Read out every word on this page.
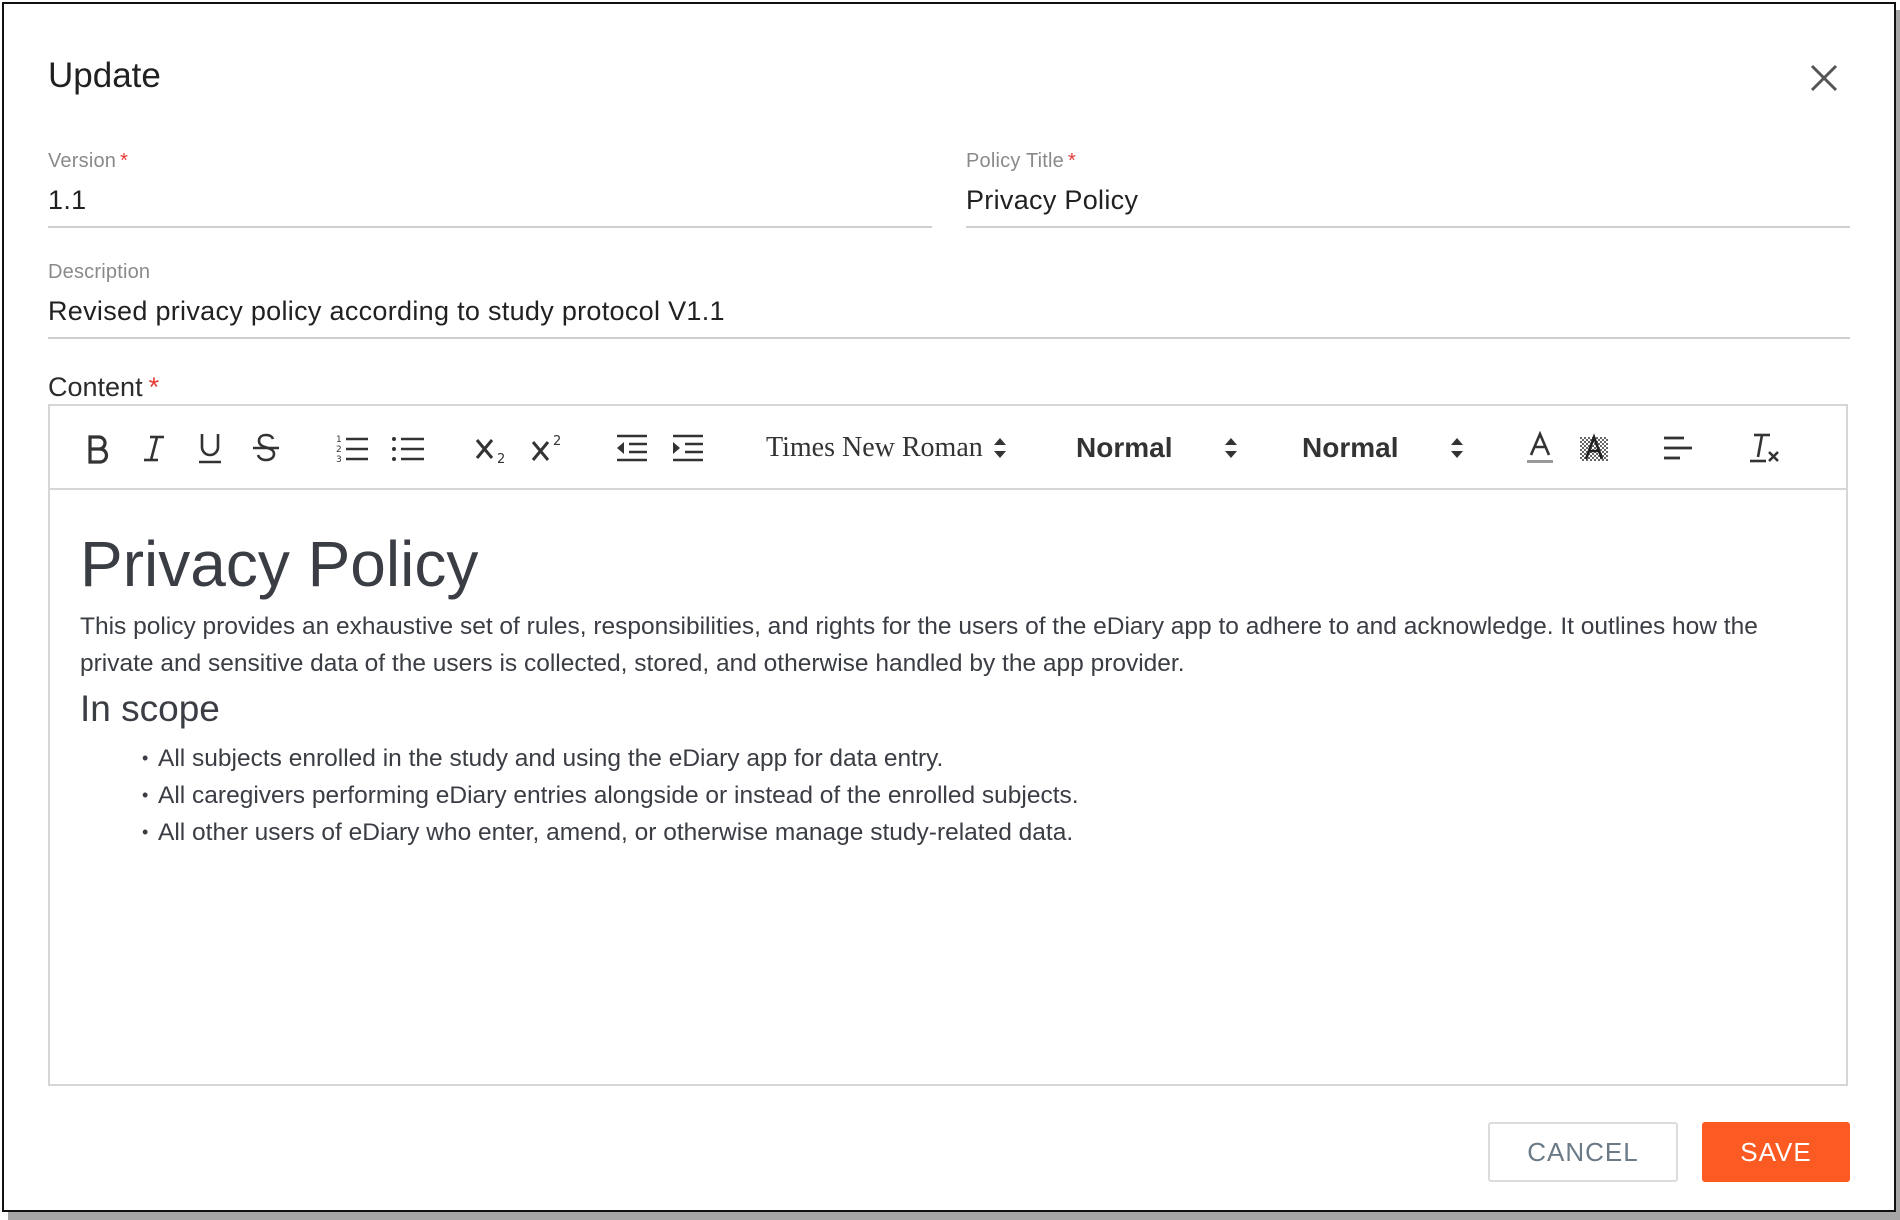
Update
Version *
1.1
Policy Title *
Privacy Policy
Description
Revised privacy policy according to study protocol V1.1
Content *
1
2
3	2
2	Times New Roman	Normal	Normal
Privacy Policy

This policy provides an exhaustive set of rules, responsibilities, and rights for the users of the eDiary app to adhere to and acknowledge. It outlines how the private and sensitive data of the users is collected, stored, and otherwise handled by the app provider.

In scope
• All subjects enrolled in the study and using the eDiary app for data entry.
• All caregivers performing eDiary entries alongside or instead of the enrolled subjects.
• All other users of eDiary who enter, amend, or otherwise manage study-related data.
CANCEL	SAVE
